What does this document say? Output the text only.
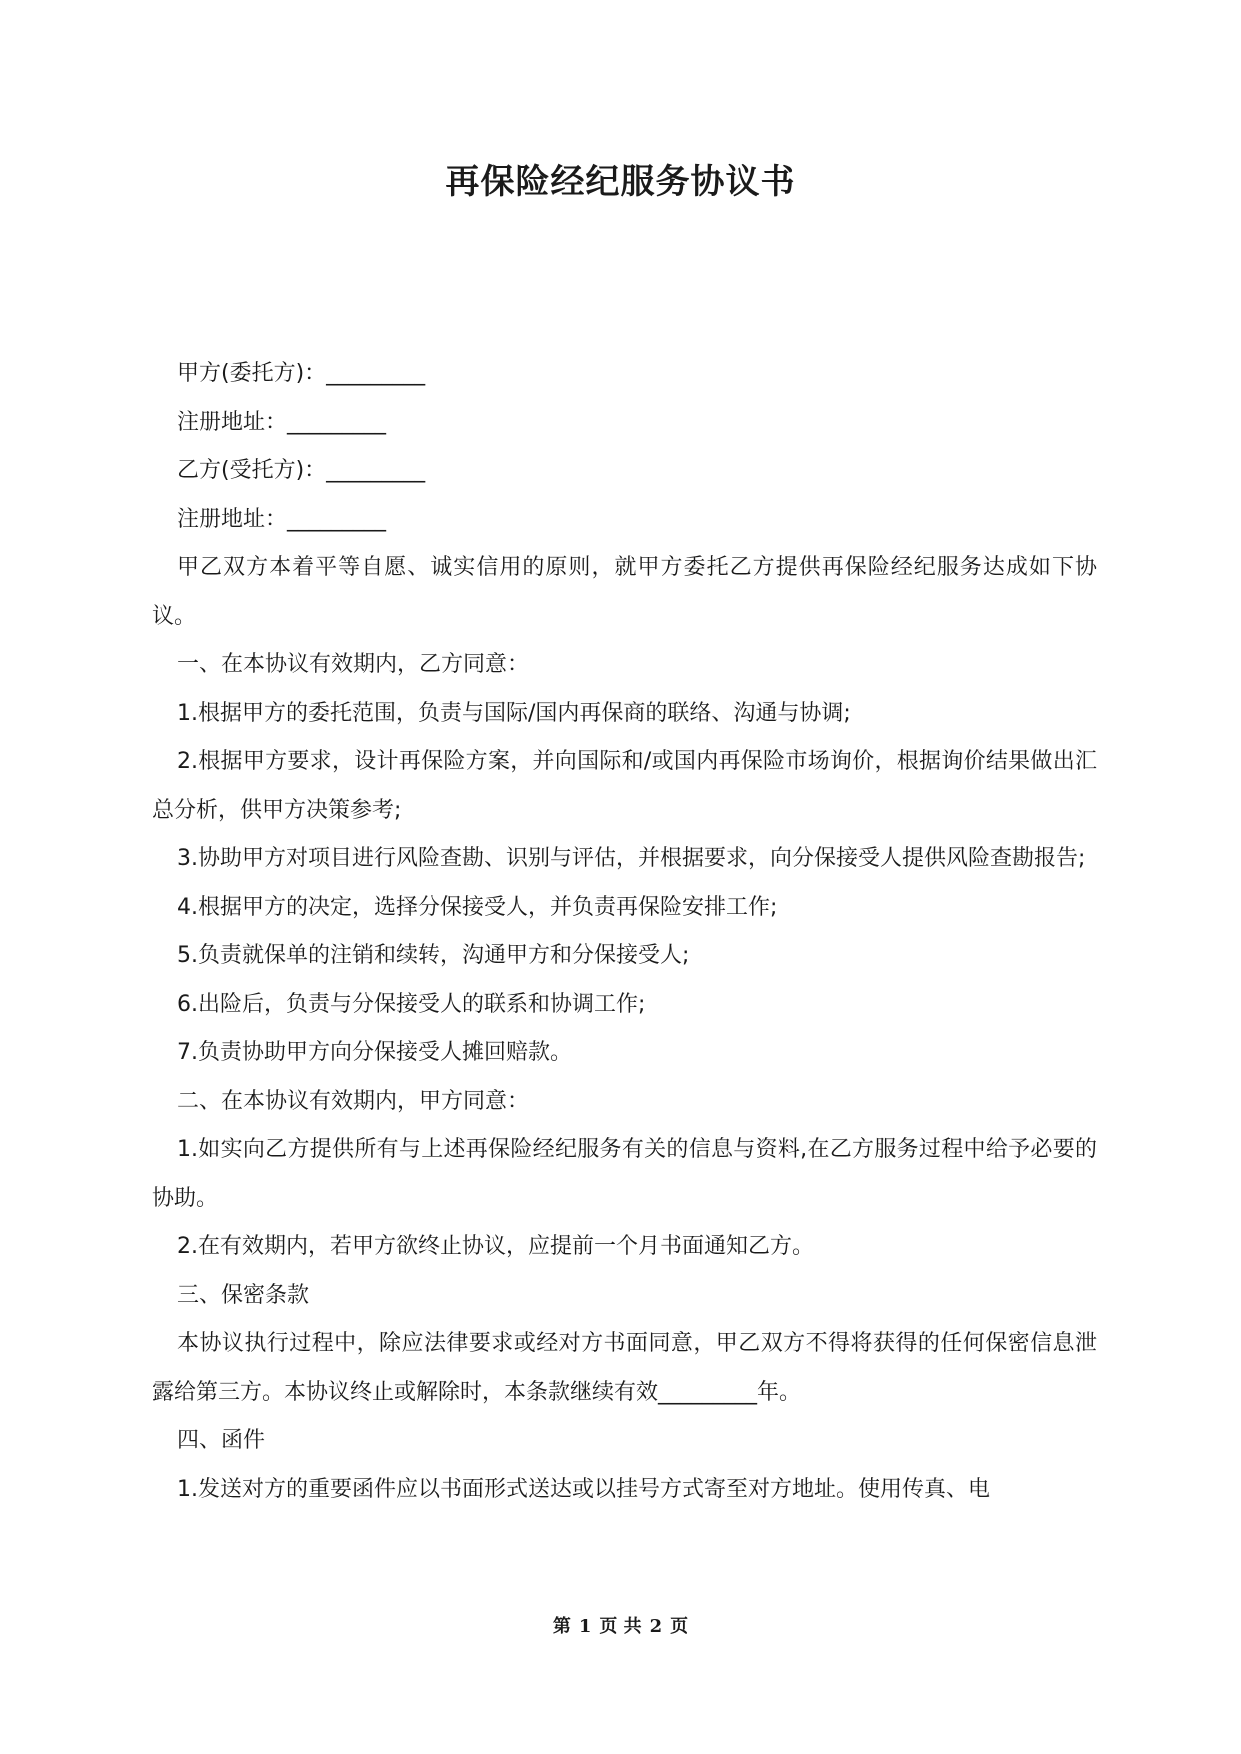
再保险经纪服务协议书

甲方(委托方)：_________

注册地址：_________

乙方(受托方)：_________

注册地址：_________

甲乙双方本着平等自愿、诚实信用的原则，就甲方委托乙方提供再保险经纪服务达成如下协议。

一、在本协议有效期内，乙方同意：

1.根据甲方的委托范围，负责与国际/国内再保商的联络、沟通与协调;

2.根据甲方要求，设计再保险方案，并向国际和/或国内再保险市场询价，根据询价结果做出汇总分析，供甲方决策参考;

3.协助甲方对项目进行风险查勘、识别与评估，并根据要求，向分保接受人提供风险查勘报告;

4.根据甲方的决定，选择分保接受人，并负责再保险安排工作;

5.负责就保单的注销和续转，沟通甲方和分保接受人;

6.出险后，负责与分保接受人的联系和协调工作;

7.负责协助甲方向分保接受人摊回赔款。

二、在本协议有效期内，甲方同意：

1.如实向乙方提供所有与上述再保险经纪服务有关的信息与资料,在乙方服务过程中给予必要的协助。

2.在有效期内，若甲方欲终止协议，应提前一个月书面通知乙方。

三、保密条款

本协议执行过程中，除应法律要求或经对方书面同意，甲乙双方不得将获得的任何保密信息泄露给第三方。本协议终止或解除时，本条款继续有效_________年。

四、函件

1.发送对方的重要函件应以书面形式送达或以挂号方式寄至对方地址。使用传真、电

第 1 页 共 2 页
